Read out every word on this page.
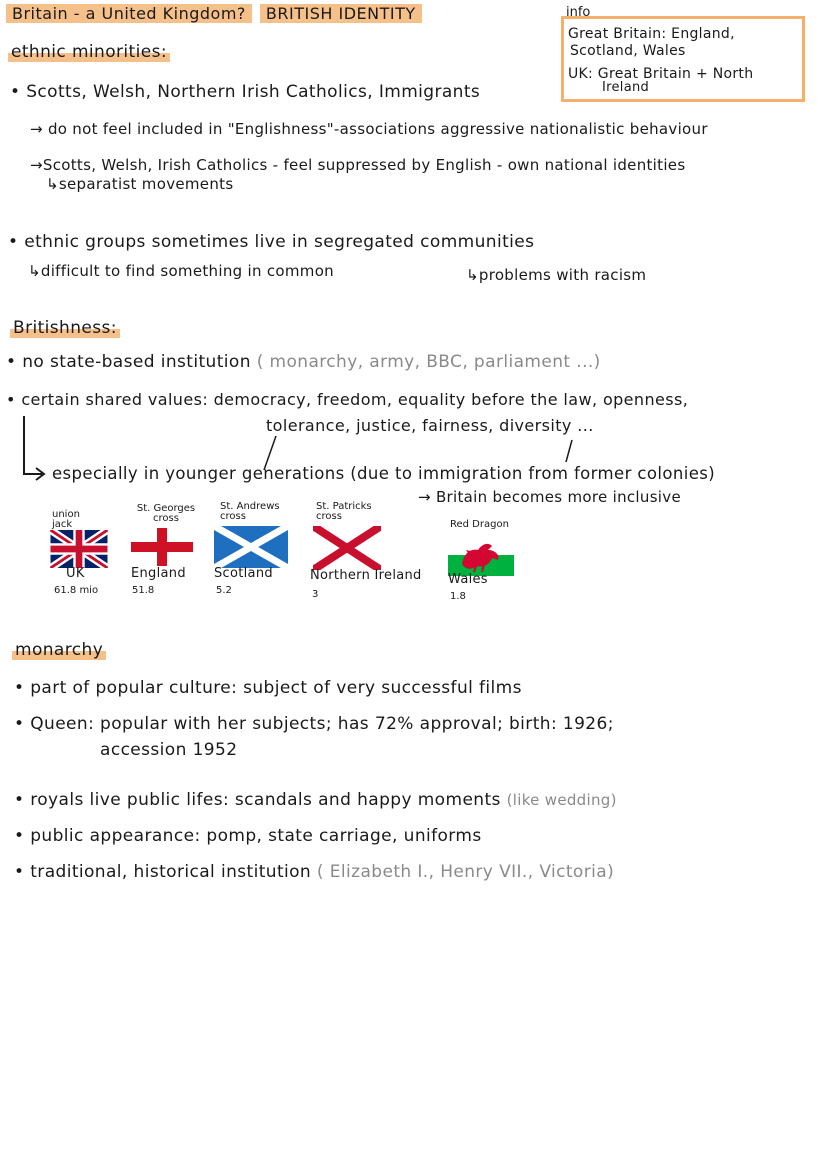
Britain - a United Kingdom? BRITISH IDENTITY	info
Great Britain: England,
Scotland, Wales
UK: Great Britain + North
Ireland
ethnic minorities:
• Scotts, Welsh, Northern Irish Catholics, Immigrants
→ do not feel included in "Englishness"-associations aggressive nationalistic behaviour
→Scotts, Welsh, Irish Catholics - feel suppressed by English - own national identities
↳separatist movements
• ethnic groups sometimes live in segregated communities
↳difficult to find something in common	↳problems with racism
Britishness:
• no state-based institution ( monarchy, army, BBC, parliament ...)
• certain shared values: democracy, freedom, equality before the law, openness,
tolerance, justice, fairness, diversity ...
especially in younger generations (due to immigration from former colonies)
→ Britain becomes more inclusive
union jack
UK
61.8 mio
St. Georges cross
England
51.8
St. Andrews cross
Scotland
5.2
St. Patricks cross
Northern Ireland
3
Red Dragon
Wales
1.8
monarchy
• part of popular culture: subject of very successful films
• Queen: popular with her subjects; has 72% approval; birth: 1926;
accession 1952
• royals live public lifes: scandals and happy moments (like wedding)
• public appearance: pomp, state carriage, uniforms
• traditional, historical institution ( Elizabeth I., Henry VII., Victoria)
